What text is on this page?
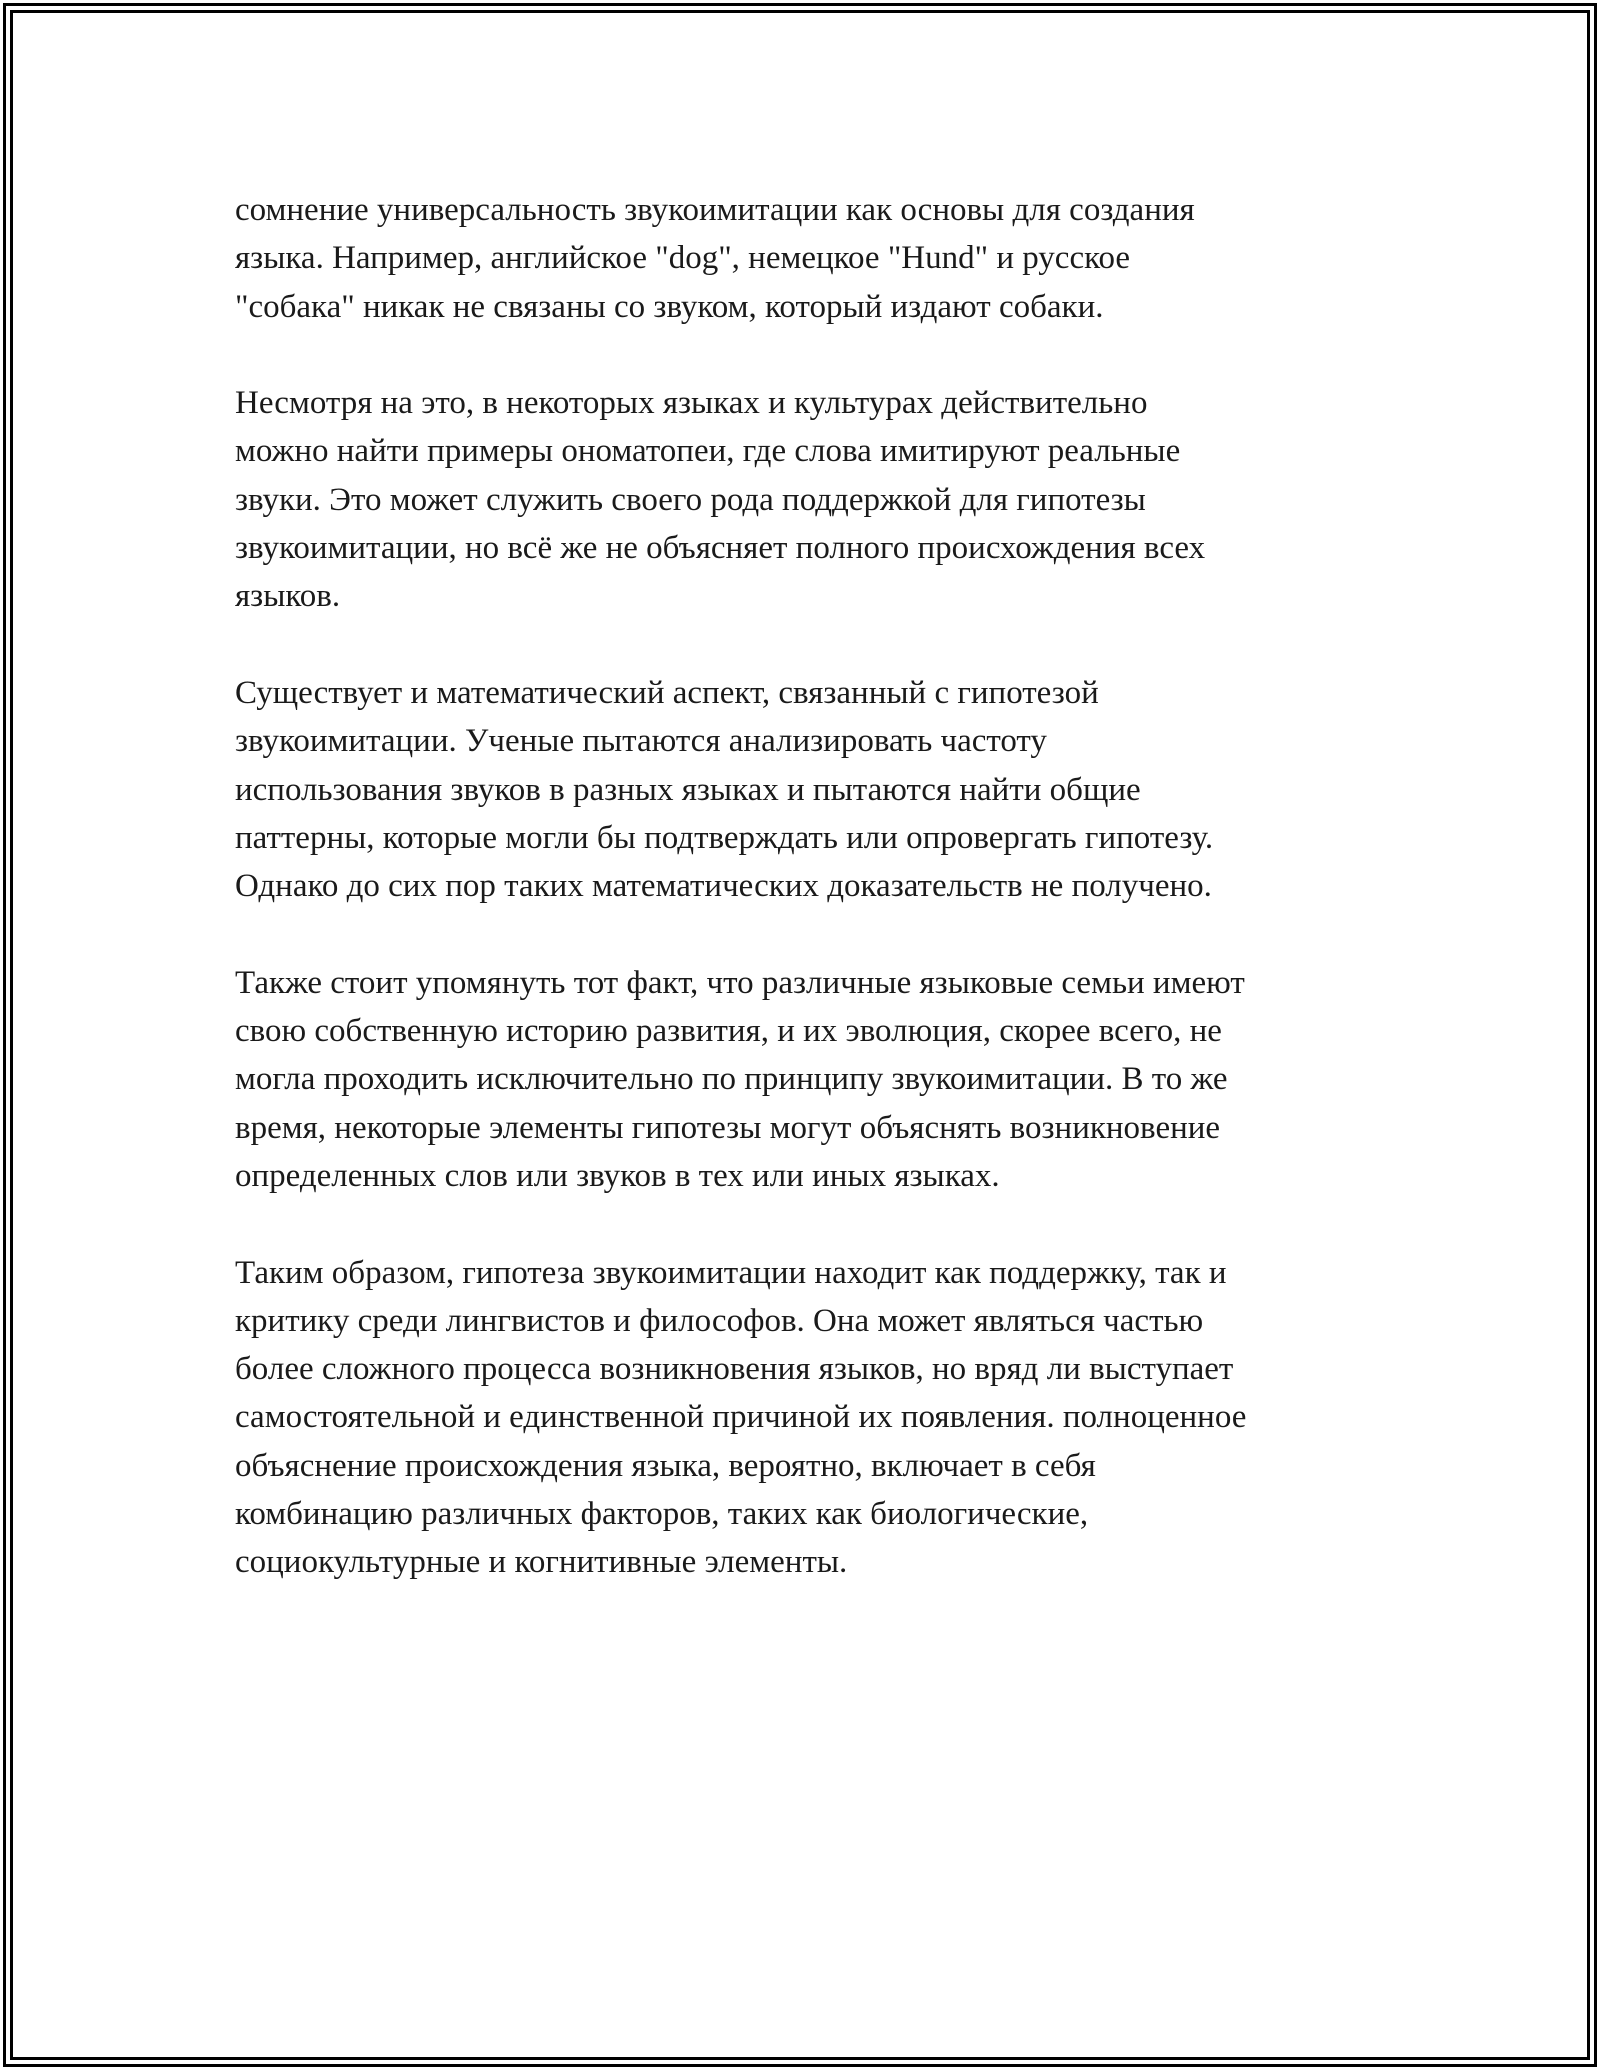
сомнение универсальность звукоимитации как основы для создания
языка. Например, английское "dog", немецкое "Hund" и русское
"собака" никак не связаны со звуком, который издают собаки.

Несмотря на это, в некоторых языках и культурах действительно
можно найти примеры ономатопеи, где слова имитируют реальные
звуки. Это может служить своего рода поддержкой для гипотезы
звукоимитации, но всё же не объясняет полного происхождения всех
языков.

Существует и математический аспект, связанный с гипотезой
звукоимитации. Ученые пытаются анализировать частоту
использования звуков в разных языках и пытаются найти общие
паттерны, которые могли бы подтверждать или опровергать гипотезу.
Однако до сих пор таких математических доказательств не получено.

Также стоит упомянуть тот факт, что различные языковые семьи имеют
свою собственную историю развития, и их эволюция, скорее всего, не
могла проходить исключительно по принципу звукоимитации. В то же
время, некоторые элементы гипотезы могут объяснять возникновение
определенных слов или звуков в тех или иных языках.

Таким образом, гипотеза звукоимитации находит как поддержку, так и
критику среди лингвистов и философов. Она может являться частью
более сложного процесса возникновения языков, но вряд ли выступает
самостоятельной и единственной причиной их появления. полноценное
объяснение происхождения языка, вероятно, включает в себя
комбинацию различных факторов, таких как биологические,
социокультурные и когнитивные элементы.
